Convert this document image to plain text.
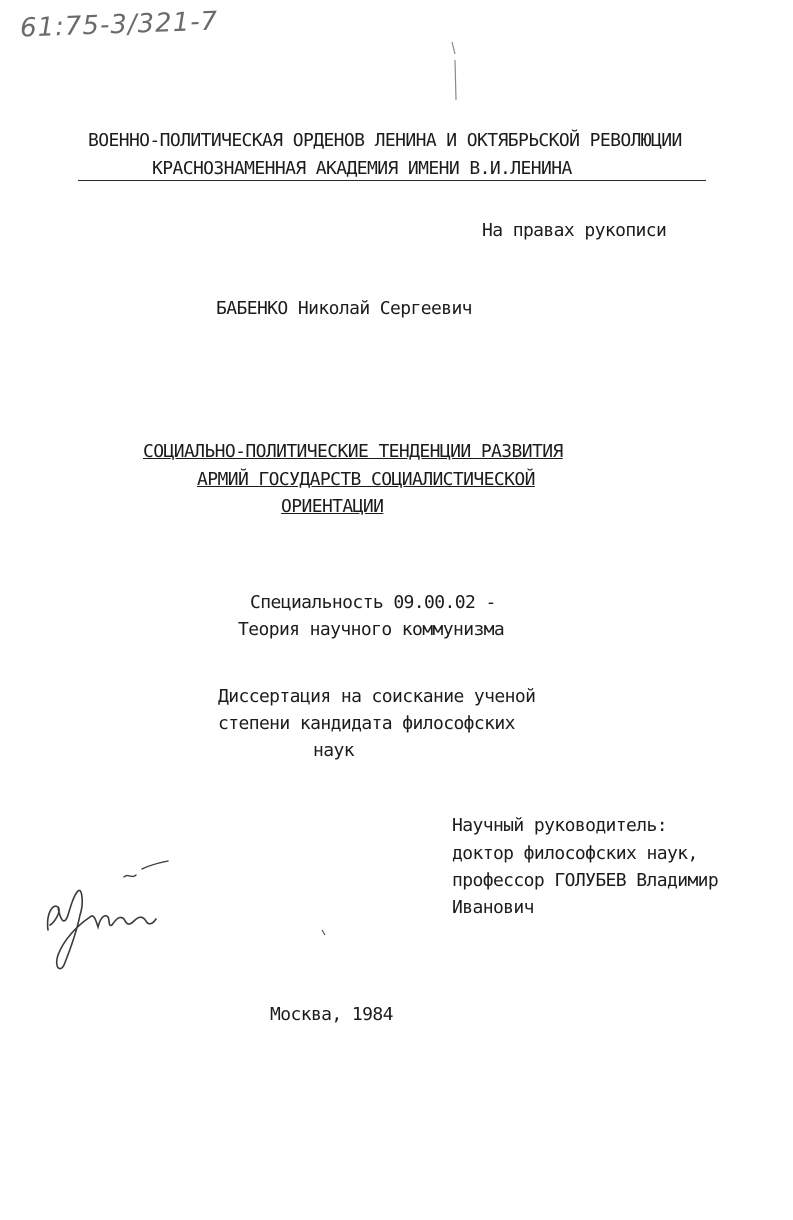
61:75-3/321-7
ВОЕННО-ПОЛИТИЧЕСКАЯ ОРДЕНОВ ЛЕНИНА И ОКТЯБРЬСКОЙ РЕВОЛЮЦИИ
КРАСНОЗНАМЕННАЯ АКАДЕМИЯ ИМЕНИ В.И.ЛЕНИНА
На правах рукописи
БАБЕНКО Николай Сергеевич
СОЦИАЛЬНО-ПОЛИТИЧЕСКИЕ ТЕНДЕНЦИИ РАЗВИТИЯ
АРМИЙ ГОСУДАРСТВ СОЦИАЛИСТИЧЕСКОЙ
ОРИЕНТАЦИИ
Специальность 09.00.02 -
Теория научного коммунизма
Диссертация на соискание ученой
степени кандидата философских
наук
Научный руководитель:
доктор философских наук,
профессор ГОЛУБЕВ Владимир
Иванович
Москва, 1984
